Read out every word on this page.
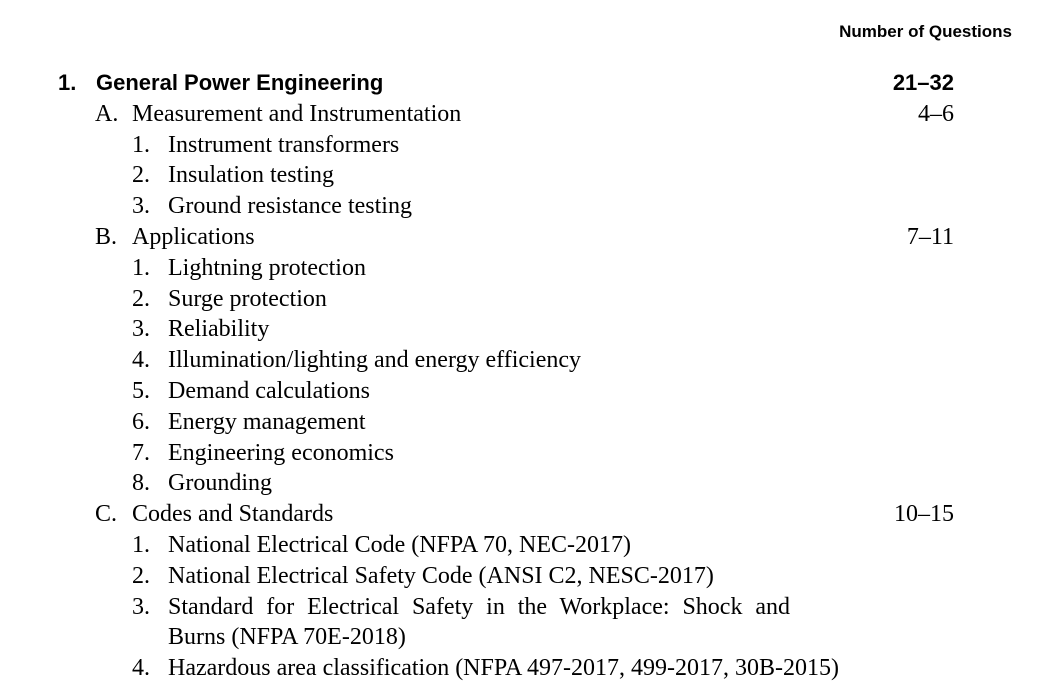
Number of Questions
1. General Power Engineering	21–32
A. Measurement and Instrumentation	4–6
1. Instrument transformers
2. Insulation testing
3. Ground resistance testing
B. Applications	7–11
1. Lightning protection
2. Surge protection
3. Reliability
4. Illumination/lighting and energy efficiency
5. Demand calculations
6. Energy management
7. Engineering economics
8. Grounding
C. Codes and Standards	10–15
1. National Electrical Code (NFPA 70, NEC-2017)
2. National Electrical Safety Code (ANSI C2, NESC-2017)
3. Standard for Electrical Safety in the Workplace: Shock and Burns (NFPA 70E-2018)
4. Hazardous area classification (NFPA 497-2017, 499-2017, 30B-2015)
